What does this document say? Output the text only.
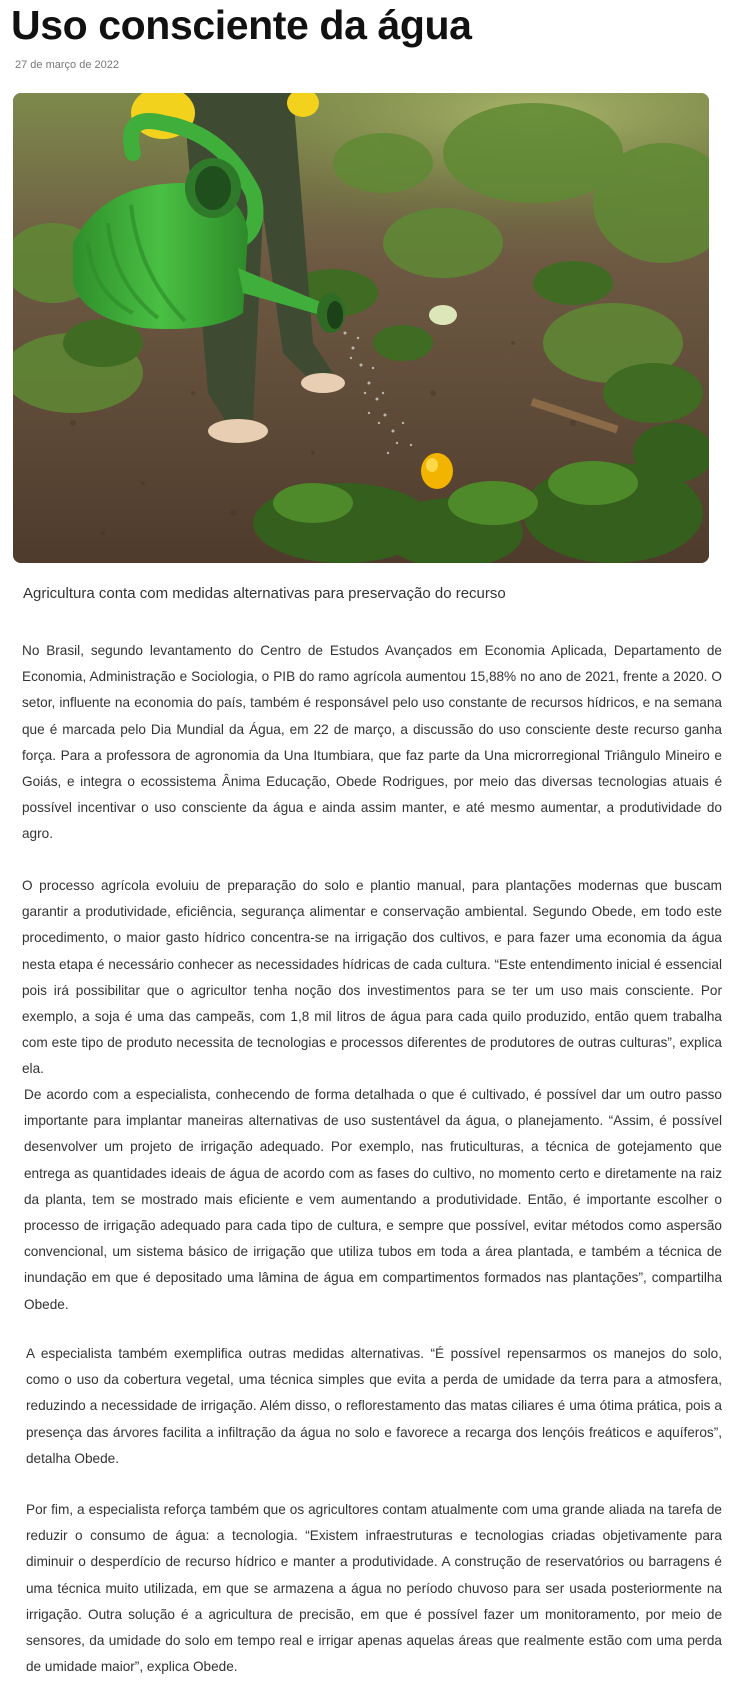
Uso consciente da água
27 de março de 2022
Agricultura conta com medidas alternativas para preservação do recurso

No Brasil, segundo levantamento do Centro de Estudos Avançados em Economia Aplicada, Departamento de Economia, Administração e Sociologia, o PIB do ramo agrícola aumentou 15,88% no ano de 2021, frente a 2020. O setor, influente na economia do país, também é responsável pelo uso constante de recursos hídricos, e na semana que é marcada pelo Dia Mundial da Água, em 22 de março, a discussão do uso consciente deste recurso ganha força. Para a professora de agronomia da Una Itumbiara, que faz parte da Una microrregional Triângulo Mineiro e Goiás, e integra o ecossistema Ânima Educação, Obede Rodrigues, por meio das diversas tecnologias atuais é possível incentivar o uso consciente da água e ainda assim manter, e até mesmo aumentar, a produtividade do agro.

O processo agrícola evoluiu de preparação do solo e plantio manual, para plantações modernas que buscam garantir a produtividade, eficiência, segurança alimentar e conservação ambiental. Segundo Obede, em todo este procedimento, o maior gasto hídrico concentra-se na irrigação dos cultivos, e para fazer uma economia da água nesta etapa é necessário conhecer as necessidades hídricas de cada cultura. “Este entendimento inicial é essencial pois irá possibilitar que o agricultor tenha noção dos investimentos para se ter um uso mais consciente. Por exemplo, a soja é uma das campeãs, com 1,8 mil litros de água para cada quilo produzido, então quem trabalha com este tipo de produto necessita de tecnologias e processos diferentes de produtores de outras culturas”, explica ela.

De acordo com a especialista, conhecendo de forma detalhada o que é cultivado, é possível dar um outro passo importante para implantar maneiras alternativas de uso sustentável da água, o planejamento. “Assim, é possível desenvolver um projeto de irrigação adequado. Por exemplo, nas fruticulturas, a técnica de gotejamento que entrega as quantidades ideais de água de acordo com as fases do cultivo, no momento certo e diretamente na raiz da planta, tem se mostrado mais eficiente e vem aumentando a produtividade. Então, é importante escolher o processo de irrigação adequado para cada tipo de cultura, e sempre que possível, evitar métodos como aspersão convencional, um sistema básico de irrigação que utiliza tubos em toda a área plantada, e também a técnica de inundação em que é depositado uma lâmina de água em compartimentos formados nas plantações”, compartilha Obede.

A especialista também exemplifica outras medidas alternativas. “É possível repensarmos os manejos do solo, como o uso da cobertura vegetal, uma técnica simples que evita a perda de umidade da terra para a atmosfera, reduzindo a necessidade de irrigação. Além disso, o reflorestamento das matas ciliares é uma ótima prática, pois a presença das árvores facilita a infiltração da água no solo e favorece a recarga dos lençóis freáticos e aquíferos”, detalha Obede.

Por fim, a especialista reforça também que os agricultores contam atualmente com uma grande aliada na tarefa de reduzir o consumo de água: a tecnologia. “Existem infraestruturas e tecnologias criadas objetivamente para diminuir o desperdício de recurso hídrico e manter a produtividade. A construção de reservatórios ou barragens é uma técnica muito utilizada, em que se armazena a água no período chuvoso para ser usada posteriormente na irrigação. Outra solução é a agricultura de precisão, em que é possível fazer um monitoramento, por meio de sensores, da umidade do solo em tempo real e irrigar apenas aquelas áreas que realmente estão com uma perda de umidade maior”, explica Obede.
